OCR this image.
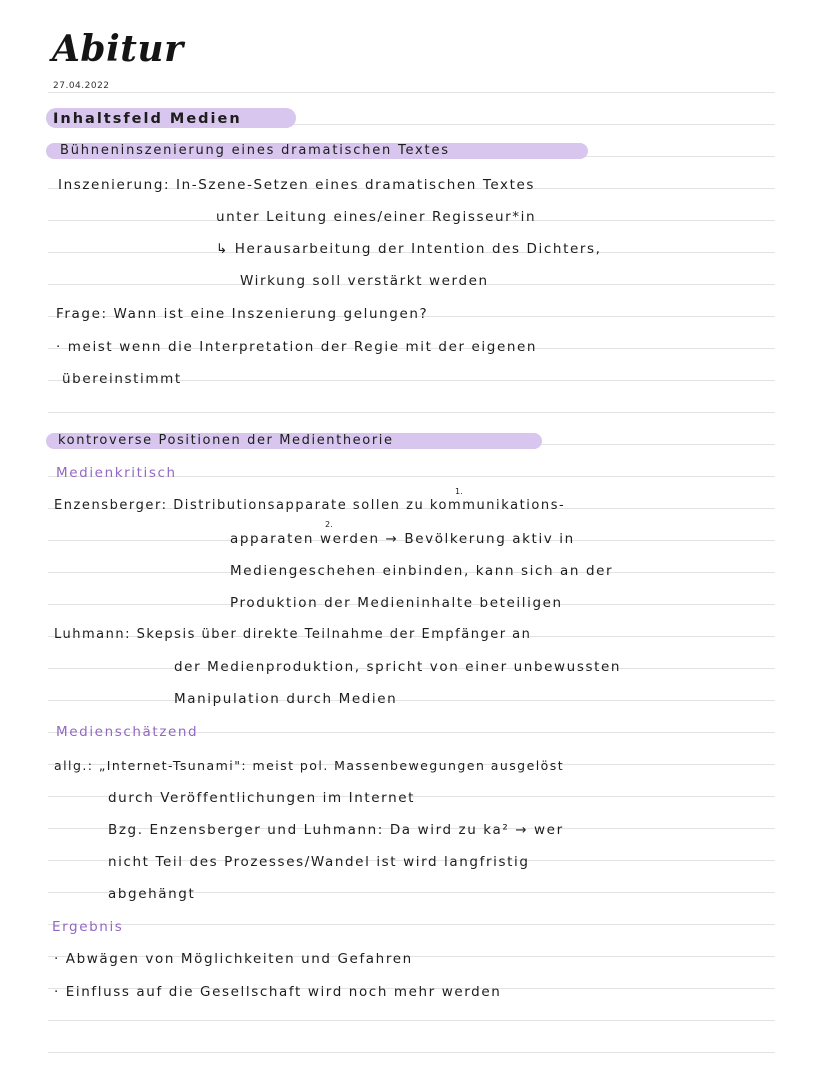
Abitur
27.04.2022
Inhaltsfeld Medien
Bühneninszenierung eines dramatischen Textes
Inszenierung: In-Szene-Setzen eines dramatischen Textes
unter Leitung eines/einer Regisseur*in
↳ Herausarbeitung der Intention des Dichters,
Wirkung soll verstärkt werden
Frage: Wann ist eine Inszenierung gelungen?
· meist wenn die Interpretation der Regie mit der eigenen
übereinstimmt
kontroverse Positionen der Medientheorie
Medienkritisch
Enzensberger: Distributionsapparate sollen zu kommunikations-
1.
apparaten werden → Bevölkerung aktiv in
2.
Mediengeschehen einbinden, kann sich an der
Produktion der Medieninhalte beteiligen
Luhmann: Skepsis über direkte Teilnahme der Empfänger an
der Medienproduktion, spricht von einer unbewussten
Manipulation durch Medien
Medienschätzend
allg.: „Internet-Tsunami": meist pol. Massenbewegungen ausgelöst
durch Veröffentlichungen im Internet
Bzg. Enzensberger und Luhmann: Da wird zu ka² → wer
nicht Teil des Prozesses/Wandel ist wird langfristig
abgehängt
Ergebnis
· Abwägen von Möglichkeiten und Gefahren
· Einfluss auf die Gesellschaft wird noch mehr werden
